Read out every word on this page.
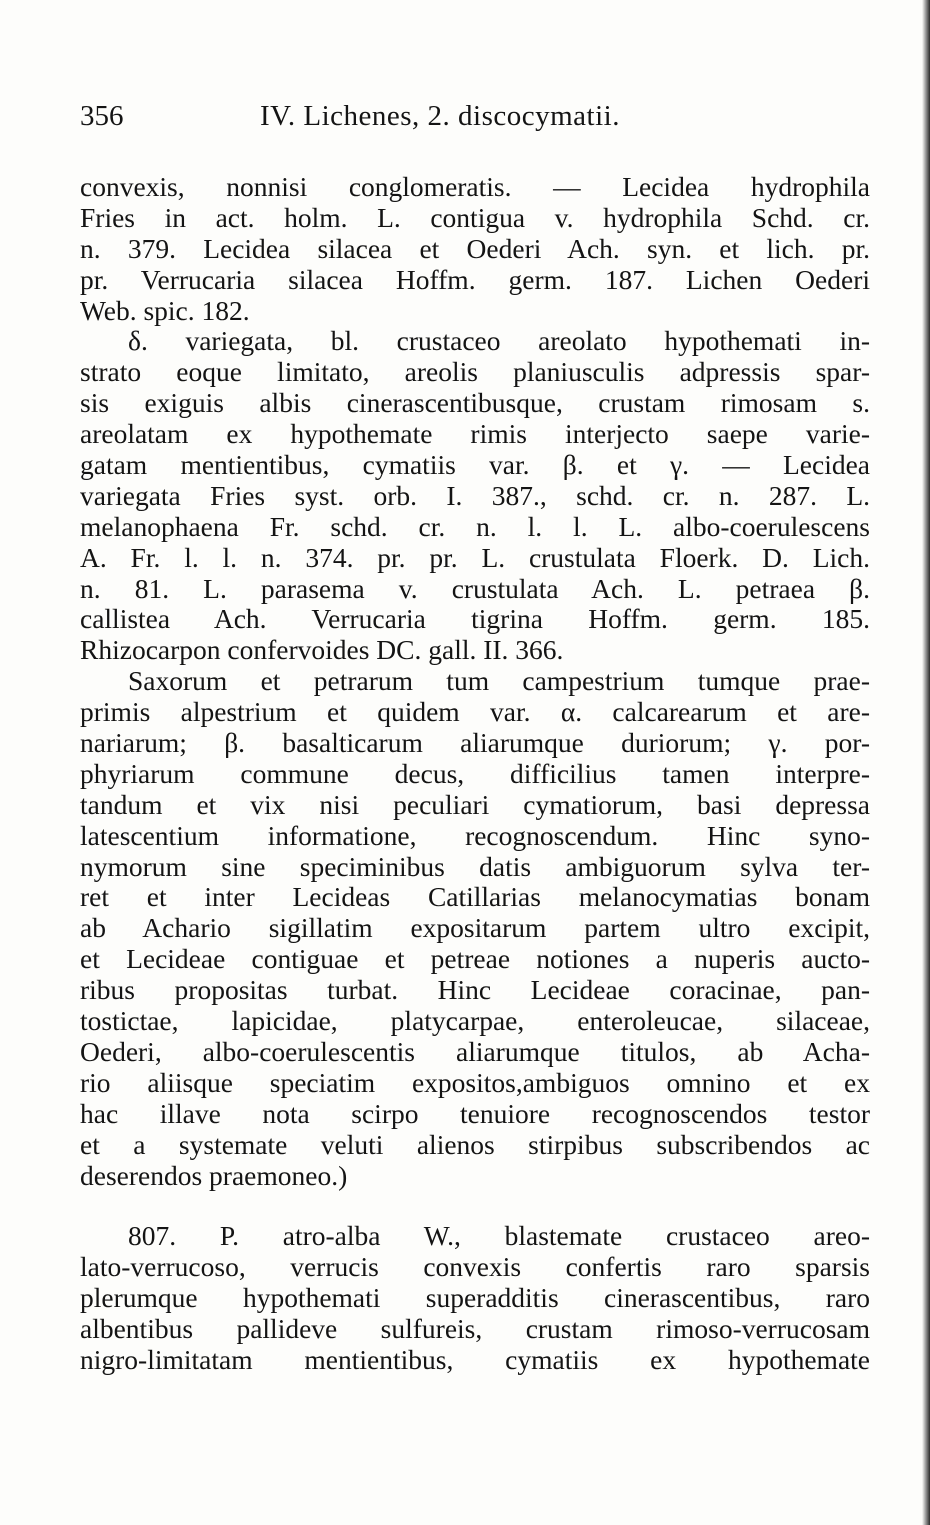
356	IV. Lichenes, 2. discocymatii.
convexis, nonnisi conglomeratis. — Lecidea hydrophila
Fries in act. holm. L. contigua v. hydrophila Schd. cr.
n. 379. Lecidea silacea et Oederi Ach. syn. et lich. pr.
pr. Verrucaria silacea Hoffm. germ. 187. Lichen Oederi
Web. spic. 182.
δ. variegata, bl. crustaceo areolato hypothemati in-
strato eoque limitato, areolis planiusculis adpressis spar-
sis exiguis albis cinerascentibusque, crustam rimosam s.
areolatam ex hypothemate rimis interjecto saepe varie-
gatam mentientibus, cymatiis var. β. et γ. — Lecidea
variegata Fries syst. orb. I. 387., schd. cr. n. 287. L.
melanophaena Fr. schd. cr. n. l. l. L. albo-coerulescens
A. Fr. l. l. n. 374. pr. pr. L. crustulata Floerk. D. Lich.
n. 81. L. parasema v. crustulata Ach. L. petraea β.
callistea Ach. Verrucaria tigrina Hoffm. germ. 185.
Rhizocarpon confervoides DC. gall. II. 366.
Saxorum et petrarum tum campestrium tumque prae-
primis alpestrium et quidem var. α. calcarearum et are-
nariarum; β. basalticarum aliarumque duriorum; γ. por-
phyriarum commune decus, difficilius tamen interpre-
tandum et vix nisi peculiari cymatiorum, basi depressa
latescentium informatione, recognoscendum. Hinc syno-
nymorum sine speciminibus datis ambiguorum sylva ter-
ret et inter Lecideas Catillarias melanocymatias bonam
ab Achario sigillatim expositarum partem ultro excipit,
et Lecideae contiguae et petreae notiones a nuperis aucto-
ribus propositas turbat. Hinc Lecideae coracinae, pan-
tostictae, lapicidae, platycarpae, enteroleucae, silaceae,
Oederi, albo-coerulescentis aliarumque titulos, ab Acha-
rio aliisque speciatim expositos,ambiguos omnino et ex
hac illave nota scirpo tenuiore recognoscendos testor
et a systemate veluti alienos stirpibus subscribendos ac
deserendos praemoneo.)
807. P. atro-alba W., blastemate crustaceo areo-
lato-verrucoso, verrucis convexis confertis raro sparsis
plerumque hypothemati superadditis cinerascentibus, raro
albentibus pallideve sulfureis, crustam rimoso-verrucosam
nigro-limitatam mentientibus, cymatiis ex hypothemate
